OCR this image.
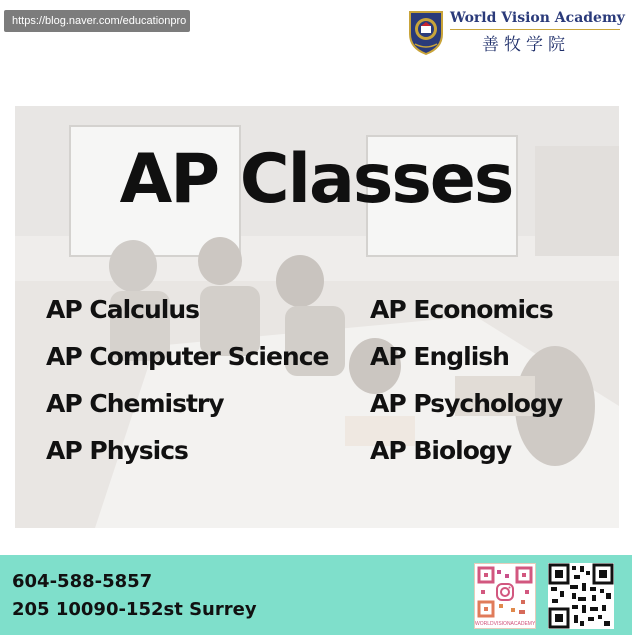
https://blog.naver.com/educationpro	World Vision Academy
善牧学院
AP Classes
AP Calculus
AP Computer Science
AP Chemistry
AP Physics
AP Economics
AP English
AP Psychology
AP Biology
604-588-5857
205 10090-152st Surrey
WORLDVISIONACADEMY
